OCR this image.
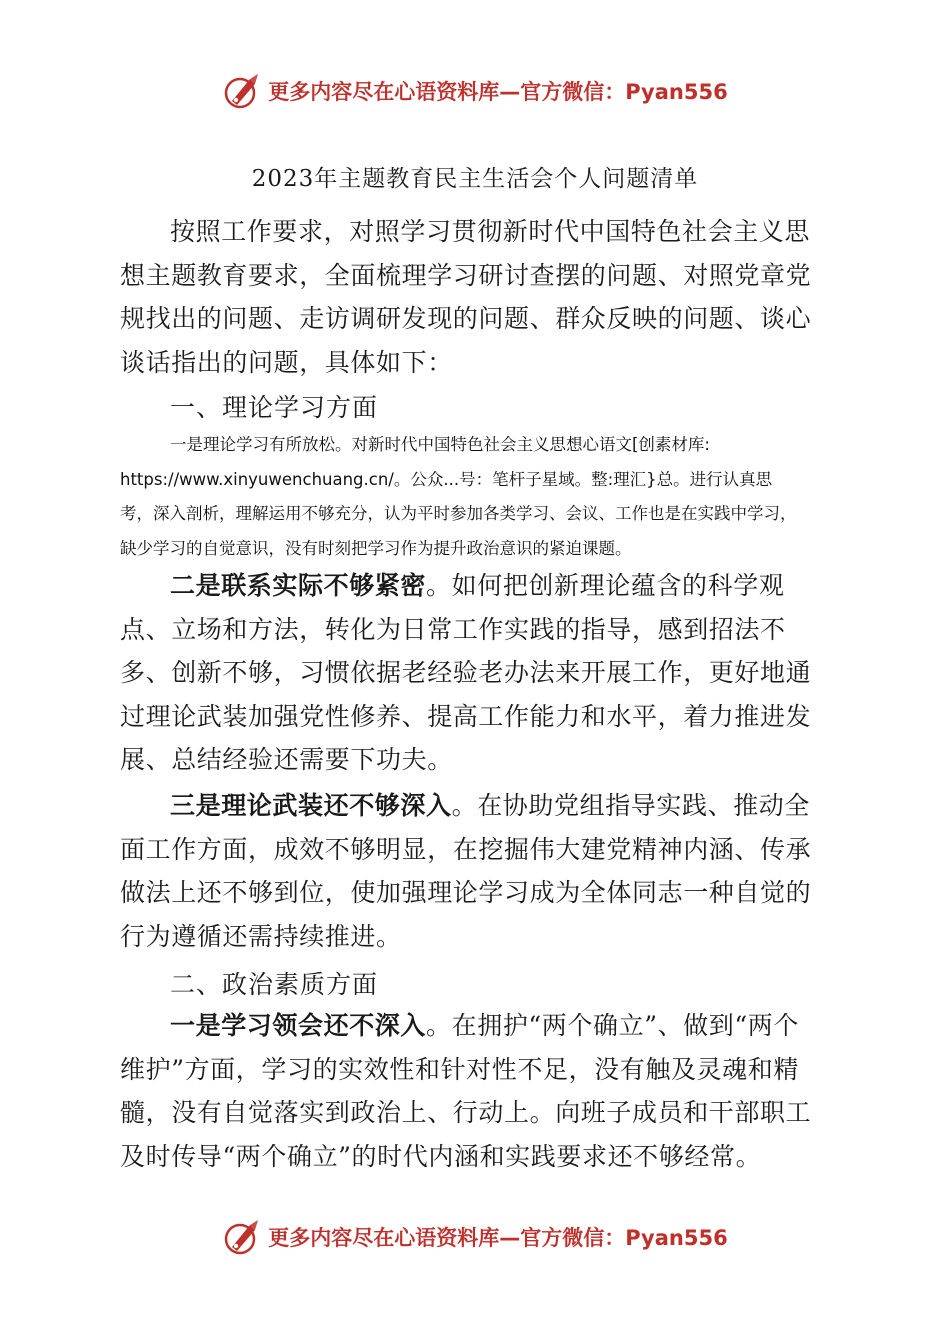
更多内容尽在心语资料库—官方微信：Pyan556
2023年主题教育民主生活会个人问题清单
按照工作要求，对照学习贯彻新时代中国特色社会主义思想主题教育要求，全面梳理学习研讨查摆的问题、对照党章党规找出的问题、走访调研发现的问题、群众反映的问题、谈心谈话指出的问题，具体如下：
一、理论学习方面
一是理论学习有所放松。对新时代中国特色社会主义思想心语文[创素材库:
https://www.xinyuwenchuang.cn/。公众...号：笔杆子星域。整:理汇}总。进行认真思
考，深入剖析，理解运用不够充分，认为平时参加各类学习、会议、工作也是在实践中学习，
缺少学习的自觉意识，没有时刻把学习作为提升政治意识的紧迫课题。
二是联系实际不够紧密。如何把创新理论蕴含的科学观点、立场和方法，转化为日常工作实践的指导，感到招法不多、创新不够，习惯依据老经验老办法来开展工作，更好地通过理论武装加强党性修养、提高工作能力和水平，着力推进发展、总结经验还需要下功夫。
三是理论武装还不够深入。在协助党组指导实践、推动全面工作方面，成效不够明显，在挖掘伟大建党精神内涵、传承做法上还不够到位，使加强理论学习成为全体同志一种自觉的行为遵循还需持续推进。
二、政治素质方面
一是学习领会还不深入。在拥护“两个确立”、做到“两个维护”方面，学习的实效性和针对性不足，没有触及灵魂和精髓，没有自觉落实到政治上、行动上。向班子成员和干部职工及时传导“两个确立”的时代内涵和实践要求还不够经常。
更多内容尽在心语资料库—官方微信：Pyan556
